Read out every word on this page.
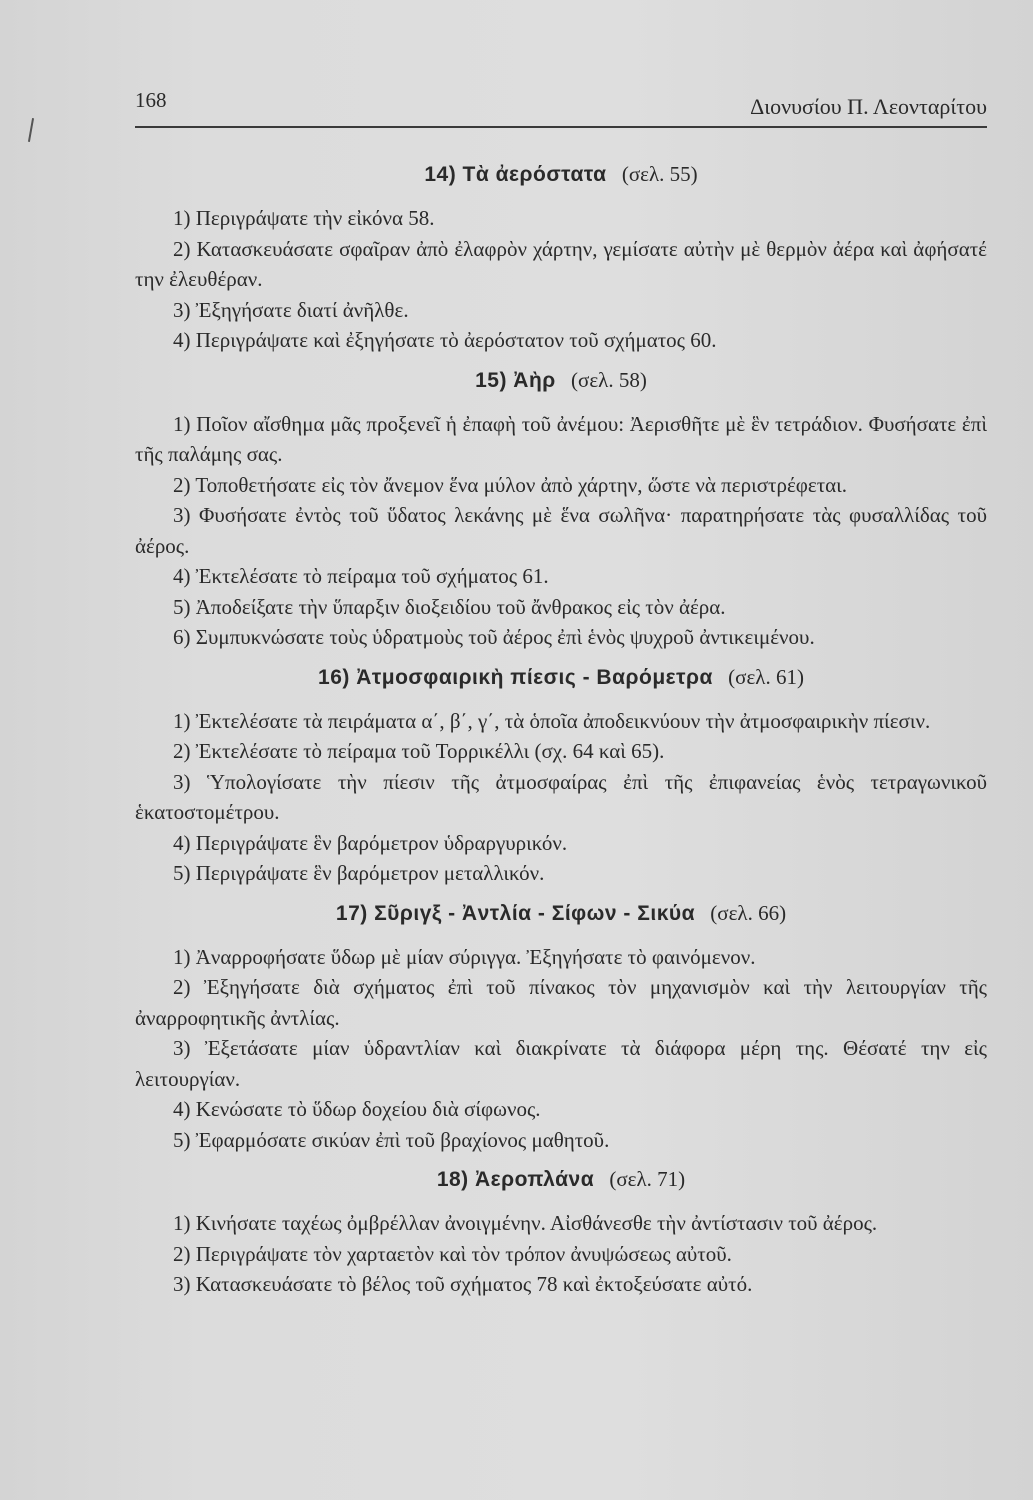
168	Διονυσίου Π. Λεονταρίτου
14) Τὰ ἀερόστατα (σελ. 55)

1) Περιγράψατε τὴν εἰκόνα 58.

2) Κατασκευάσατε σφαῖραν ἀπὸ ἐλαφρὸν χάρτην, γεμίσατε αὐτὴν μὲ θερμὸν ἀέρα καὶ ἀφήσατέ την ἐλευθέραν.

3) Ἐξηγήσατε διατί ἀνῆλθε.

4) Περιγράψατε καὶ ἐξηγήσατε τὸ ἀερόστατον τοῦ σχήματος 60.

15) Ἀὴρ (σελ. 58)

1) Ποῖον αἴσθημα μᾶς προξενεῖ ἡ ἐπαφὴ τοῦ ἀνέμου: Ἀερισθῆτε μὲ ἓν τετράδιον. Φυσήσατε ἐπὶ τῆς παλάμης σας.

2) Τοποθετήσατε εἰς τὸν ἄνεμον ἕνα μύλον ἀπὸ χάρτην, ὥστε νὰ περιστρέφεται.

3) Φυσήσατε ἐντὸς τοῦ ὕδατος λεκάνης μὲ ἕνα σωλῆνα· παρατηρήσατε τὰς φυσαλλίδας τοῦ ἀέρος.

4) Ἐκτελέσατε τὸ πείραμα τοῦ σχήματος 61.

5) Ἀποδείξατε τὴν ὕπαρξιν διοξειδίου τοῦ ἄνθρακος εἰς τὸν ἀέρα.

6) Συμπυκνώσατε τοὺς ὑδρατμοὺς τοῦ ἀέρος ἐπὶ ἑνὸς ψυχροῦ ἀντικειμένου.

16) Ἀτμοσφαιρικὴ πίεσις - Βαρόμετρα (σελ. 61)

1) Ἐκτελέσατε τὰ πειράματα α΄, β΄, γ΄, τὰ ὁποῖα ἀποδεικνύουν τὴν ἀτμοσφαιρικὴν πίεσιν.

2) Ἐκτελέσατε τὸ πείραμα τοῦ Τορρικέλλι (σχ. 64 καὶ 65).

3) Ὑπολογίσατε τὴν πίεσιν τῆς ἀτμοσφαίρας ἐπὶ τῆς ἐπιφανείας ἑνὸς τετραγωνικοῦ ἑκατοστομέτρου.

4) Περιγράψατε ἓν βαρόμετρον ὑδραργυρικόν.

5) Περιγράψατε ἓν βαρόμετρον μεταλλικόν.

17) Σῦριγξ - Ἀντλία - Σίφων - Σικύα (σελ. 66)

1) Ἀναρροφήσατε ὕδωρ μὲ μίαν σύριγγα. Ἐξηγήσατε τὸ φαινόμενον.

2) Ἐξηγήσατε διὰ σχήματος ἐπὶ τοῦ πίνακος τὸν μηχανισμὸν καὶ τὴν λειτουργίαν τῆς ἀναρροφητικῆς ἀντλίας.

3) Ἐξετάσατε μίαν ὑδραντλίαν καὶ διακρίνατε τὰ διάφορα μέρη της. Θέσατέ την εἰς λειτουργίαν.

4) Κενώσατε τὸ ὕδωρ δοχείου διὰ σίφωνος.

5) Ἐφαρμόσατε σικύαν ἐπὶ τοῦ βραχίονος μαθητοῦ.

18) Ἀεροπλάνα (σελ. 71)

1) Κινήσατε ταχέως ὀμβρέλλαν ἀνοιγμένην. Αἰσθάνεσθε τὴν ἀντίστασιν τοῦ ἀέρος.

2) Περιγράψατε τὸν χαρταετὸν καὶ τὸν τρόπον ἀνυψώσεως αὐτοῦ.

3) Κατασκευάσατε τὸ βέλος τοῦ σχήματος 78 καὶ ἐκτοξεύσατε αὐτό.
